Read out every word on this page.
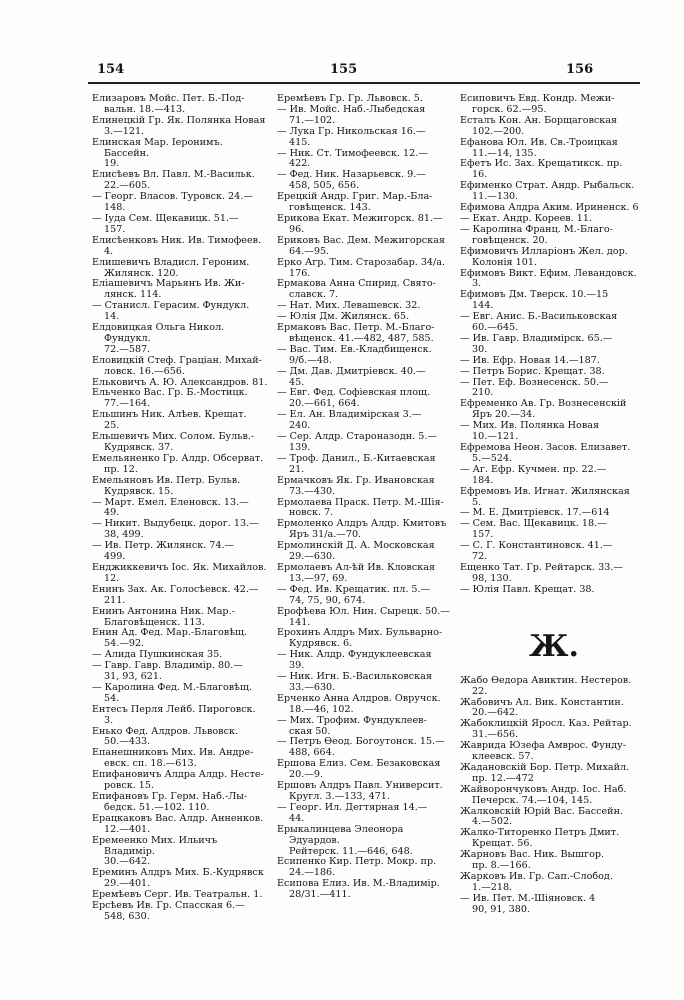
154	155	156

Елизаровъ Мойс. Пет. Б.-Под-
вальн. 18.—413.

Елинецкій Гр. Як. Полянка Новая
3.—121.

Елинская Мар. Іеронимъ. Бассейн.
19.

Елисѣевъ Вл. Павл. М.-Васильк.
22.—605.

— Георг. Власов. Туровск. 24.—
148.

— Іуда Сем. Щекавицк. 51.—
157.

Елисѣенковъ Ник. Ив. Тимофеев.
4.

Елишевичъ Владисл. Героним.
Жилянск. 120.

Еліашевичъ Марьянъ Ив. Жи-
лянск. 114.

— Станисл. Герасим. Фундукл.
14.

Елдовицкая Ольга Никол. Фундукл.
72.—587.

Еловицкій Стеф. Граціан. Михай-
ловск. 16.—656.

Ельковичъ А. Ю. Александров. 81.

Ельченко Вас. Гр. Б.-Мостицк.
77.—164.

Ельшинъ Ник. Алѣев. Крещат.
25.

Ельшевичъ Мих. Солом. Бульв.-
Кудрявск. 37.

Емельяненко Гр. Алдр. Обсерват.
пр. 12.

Емельяновъ Ив. Петр. Бульв.
Кудрявск. 15.

— Март. Емел. Еленовск. 13.—
49.

— Никит. Выдубецк. дорог. 13.—
38, 499.

— Ив. Петр. Жилянск. 74.—
499.

Енджиккевичъ Іос. Як. Михайлов.
12.

Енинъ Зах. Ак. Голосѣевск. 42.—
211.

Енинъ Антонина Ник. Мар.-
Благовѣщенск. 113.

Енин Ад. Фед. Мар.-Благовѣщ.
54.—92.

— Алида Пушкинская 35.

— Гавр. Гавр. Владимір. 80.—
31, 93, 621.

— Каролина Фед. М.-Благовѣщ.
54.

Ентесъ Перля Лейб. Пироговск.
3.

Енько Фед. Алдров. Львовск.
50.—433.

Епанешниковъ Мих. Ив. Андре-
евск. сп. 18.—613.

Епифановичъ Алдра Алдр. Несте-
ровск. 15.

Епифановъ Гр. Герм. Наб.-Лы-
бедск. 51.—102. 110.

Ерацкаковъ Вас. Алдр. Анненков.
12.—401.

Еремеенко Мих. Ильичъ Владимір.
30.—642.

Ереминъ Алдръ Мих. Б.-Кудрявск
29.—401.

Еремѣевъ Серг. Ив. Театральн. 1.

Ерсѣевъ Ив. Гр. Спасская 6.—
548, 630.

Еремѣевъ Гр. Гр. Львовск. 5.

— Ив. Мойс. Наб.-Лыбедская
71.—102.

— Лука Гр. Никольская 16.—
415.

— Ник. Ст. Тимофеевск. 12.—
422.

— Фед. Ник. Назарьевск. 9.—
458, 505, 656.

Ерецкій Андр. Григ. Мар.-Бла-
говѣщенск. 143.

Ерикова Екат. Межигорск. 81.—
96.

Ериковъ Вас. Дем. Межигорская
64.—95.

Ерко Агр. Тим. Старозабар. 34/а.
176.

Ермакова Анна Спирид. Свято-
славск. 7.

— Нат. Мих. Левашевск. 32.

— Юлія Дм. Жилянск. 65.

Ермаковъ Вас. Петр. М.-Благо-
вѣщенск. 41.—482, 487, 585.

— Вас. Тим. Ев.-Кладбищенск.
9/б.—48.

— Дм. Дав. Дмитріевск. 40.—
45.

— Евг. Фед. Софіевская площ.
20.—661, 664.

— Ел. Ан. Владимірская 3.—
240.

— Сер. Алдр. Староназодн. 5.—
139.

— Троф. Данил., Б.-Китаевская
21.

Ермачковъ Як. Гр. Ивановская
73.—430.

Ермолаева Праск. Петр. М.-Шія-
новск. 7.

Ермоленко Алдръ Алдр. Кмитовъ
Яръ 31/а.—70.

Ермолинскій Д. А. Московская
29.—630.

Ермолаевъ Ал-ѣй Ив. Кловская
13.—97, 69.

— Фед. Ив. Крещатик. пл. 5.—
74, 75, 90, 674.

Ерофѣева Юл. Нин. Сырецк. 50.—
141.

Ерохинъ Алдръ Мих. Бульварно-
Кудрявск. 6.

— Ник. Алдр. Фундуклеевская
39.

— Ник. Игн. Б.-Васильковская
33.—630.

Ерченко Анна Алдров. Овручск.
18.—46, 102.

— Мих. Трофим. Фундуклеев-
ская 50.

— Петръ Ѳеод. Богоутонск. 15.—
488, 664.

Ершова Елиз. Сем. Безаковская
20.—9.

Ершовъ Алдръ Павл. Университ.
Кругл. 3.—133, 471.

— Георг. Ил. Дегтярная 14.—
44.

Ерыкалинцева Элеонора Эдуардов.
Рейтерск. 11.—646, 648.

Есипенко Кир. Петр. Мокр. пр.
24.—186.

Есипова Елиз. Ив. М.-Владимір.
28/31.—411.

Есиповичъ Евд. Кондр. Межи-
горск. 62.—95.

Есталъ Кон. Ан. Борщаговская
102.—200.

Ефанова Юл. Ив. Св.-Троицкая
11.—14, 135.

Ефетъ Ис. Зах. Крещатикск. пр.
16.

Ефименко Страт. Андр. Рыбальск.
11.—130.

Ефимова Алдра Аким. Ириненск. 6

— Екат. Андр. Кореев. 11.

— Каролина Франц. М.-Благо-
говѣщенск. 20.

Ефимовичъ Илларіонъ Жел. дор.
Колонія 101.

Ефимовъ Викт. Ефим. Левандовск.
3.

Ефимовъ Дм. Тверск. 10.—15
144.

— Евг. Анис. Б.-Васильковская
60.—645.

— Ив. Гавр. Владимірск. 65.—
30.

— Ив. Ефр. Новая 14.—187.

— Петръ Борис. Крещат. 38.

— Пет. Еф. Вознесенск. 50.—
210.

Ефременко Ав. Гр. Вознесенскій
Яръ 20.—34.

— Мих. Ив. Полянка Новая
10.—121.

Ефремова Неон. Засов. Елизавет.
5.—524.

— Аг. Ефр. Кучмен. пр. 22.—
184.

Ефремовъ Ив. Игнат. Жилянская
5.

— М. Е. Дмитріевск. 17.—614

— Сем. Вас. Щекавицк. 18.—
157.

— С. Г. Константиновск. 41.—
72.

Ещенко Тат. Гр. Рейтарск. 33.—
98, 130.

— Юлія Павл. Крещат. 38.

Ж.

Жабо Ѳедора Авиктин. Нестеров.
22.

Жабовичъ Ал. Вик. Константин.
20.—642.

Жабоклицкій Яросл. Каз. Рейтар.
31.—656.

Жаврида Юзефа Амврос. Фунду-
клеевск. 57.

Жадановскій Бор. Петр. Михайл.
пр. 12.—472

Жайворончуковъ Андр. Іос. Наб.
Печерск. 74.—104, 145.

Жалковскій Юрій Вас. Бассейн.
4.—502.

Жалко-Титоренко Петръ Дмит.
Крещат. 56.

Жарновъ Вас. Ник. Вышгор.
пр. 8.—166.

Жарковъ Ив. Гр. Сап.-Слобод.
1.—218.

— Ив. Пет. М.-Шіяновск. 4
90, 91, 380.
